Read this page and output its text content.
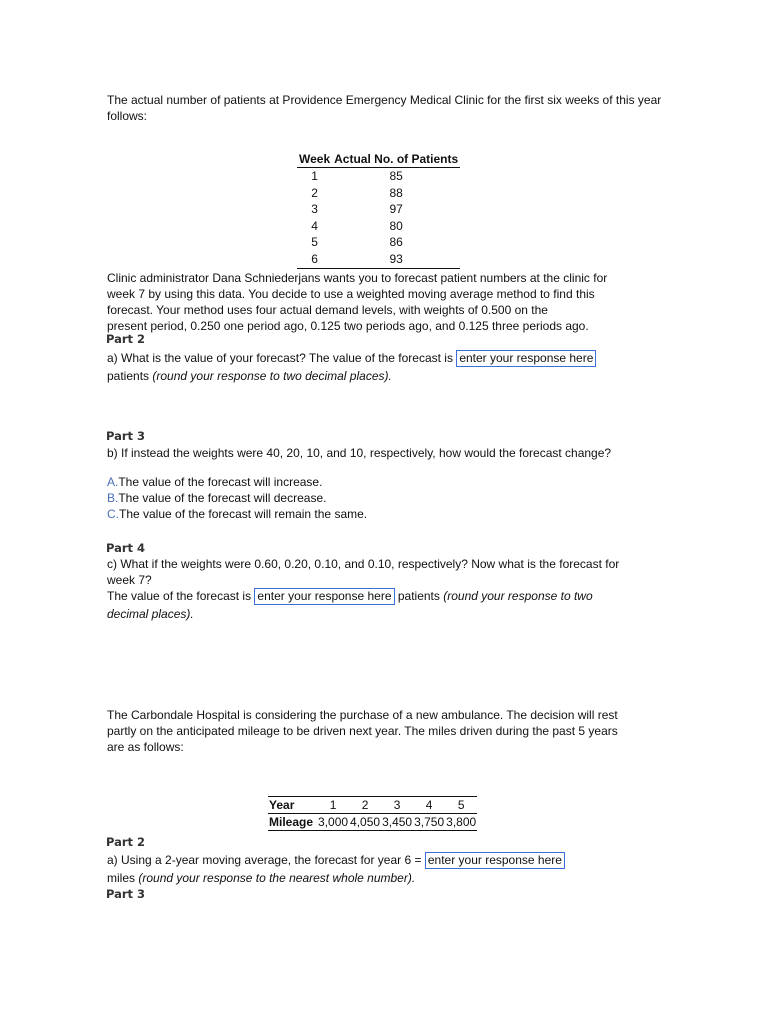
The actual number of patients at Providence Emergency Medical Clinic for the first six weeks of this year follows:
Week	Actual No. of Patients
1	85
2	88
3	97
4	80
5	86
6	93
Clinic administrator Dana Schniederjans wants you to forecast patient numbers at the clinic for
week 7 by using this data. You decide to use a weighted moving average method to find this
forecast. Your method uses four actual demand levels, with weights of 0.500 on the
present period, 0.250 one period ago, 0.125 two periods ago, and 0.125 three periods ago.
Part 2
a) What is the value of your forecast? The value of the forecast is enter your response here
patients (round your response to two decimal places).
Part 3
b) If instead the weights were 40, 20, 10, and 10, respectively, how would the forecast change?
A.The value of the forecast will increase.
B.The value of the forecast will decrease.
C.The value of the forecast will remain the same.
Part 4
c) What if the weights were 0.60, 0.20, 0.10, and 0.10, respectively? Now what is the forecast for
week 7?
The value of the forecast is enter your response here patients (round your response to two
decimal places).
The Carbondale Hospital is considering the purchase of a new ambulance. The decision will rest
partly on the anticipated mileage to be driven next year. The miles driven during the past 5 years
are as follows:
Year	1	2	3	4	5
Mileage	3,000	4,050	3,450	3,750	3,800
Part 2
a) Using a 2-year moving average, the forecast for year 6 = enter your response here
miles (round your response to the nearest whole number).
Part 3
